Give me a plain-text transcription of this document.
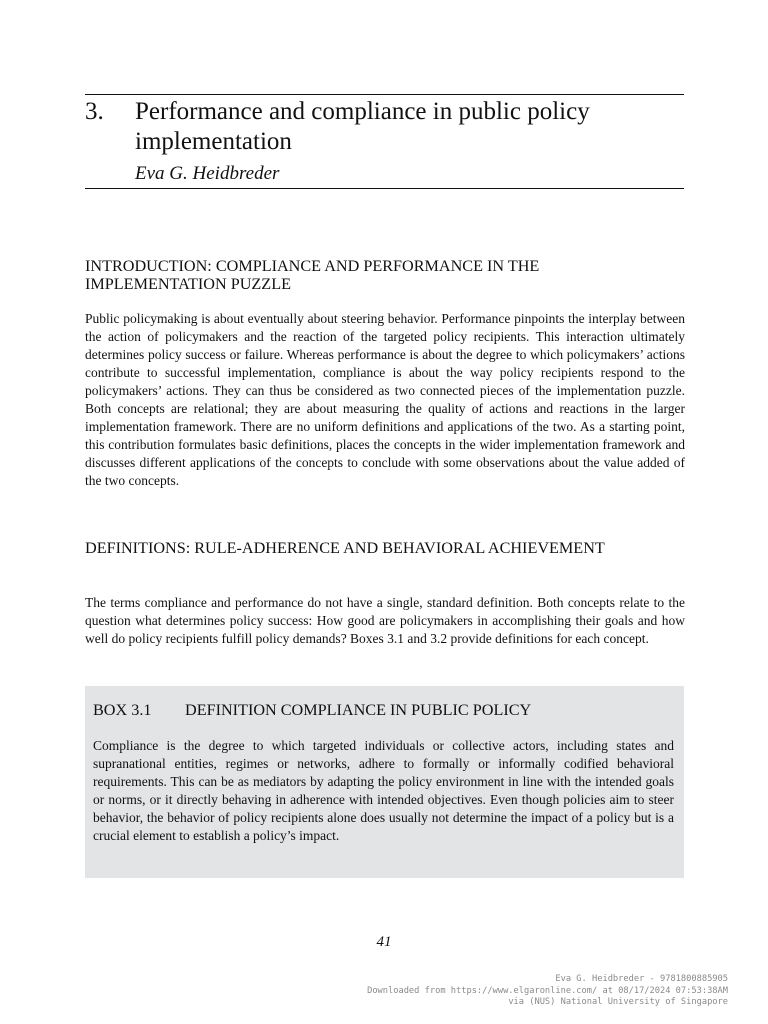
3. Performance and compliance in public policy implementation
Eva G. Heidbreder
INTRODUCTION: COMPLIANCE AND PERFORMANCE IN THE IMPLEMENTATION PUZZLE

Public policymaking is about eventually about steering behavior. Performance pinpoints the interplay between the action of policymakers and the reaction of the targeted policy recipients. This interaction ultimately determines policy success or failure. Whereas performance is about the degree to which policymakers’ actions contribute to successful implementation, compliance is about the way policy recipients respond to the policymakers’ actions. They can thus be considered as two connected pieces of the implementation puzzle. Both concepts are relational; they are about measuring the quality of actions and reactions in the larger implementation framework. There are no uniform definitions and applications of the two. As a starting point, this contribution formulates basic definitions, places the concepts in the wider implementation framework and discusses different applications of the concepts to conclude with some observations about the value added of the two concepts.

DEFINITIONS: RULE-ADHERENCE AND BEHAVIORAL ACHIEVEMENT

The terms compliance and performance do not have a single, standard definition. Both concepts relate to the question what determines policy success: How good are policymakers in accomplishing their goals and how well do policy recipients fulfill policy demands? Boxes 3.1 and 3.2 provide definitions for each concept.

BOX 3.1 DEFINITION COMPLIANCE IN PUBLIC POLICY

Compliance is the degree to which targeted individuals or collective actors, including states and supranational entities, regimes or networks, adhere to formally or informally codified behavioral requirements. This can be as mediators by adapting the policy environment in line with the intended goals or norms, or it directly behaving in adherence with intended objectives. Even though policies aim to steer behavior, the behavior of policy recipients alone does usually not determine the impact of a policy but is a crucial element to establish a policy’s impact.

41
Eva G. Heidbreder - 9781800885905
Downloaded from https://www.elgaronline.com/ at 08/17/2024 07:53:38AM
via (NUS) National University of Singapore
